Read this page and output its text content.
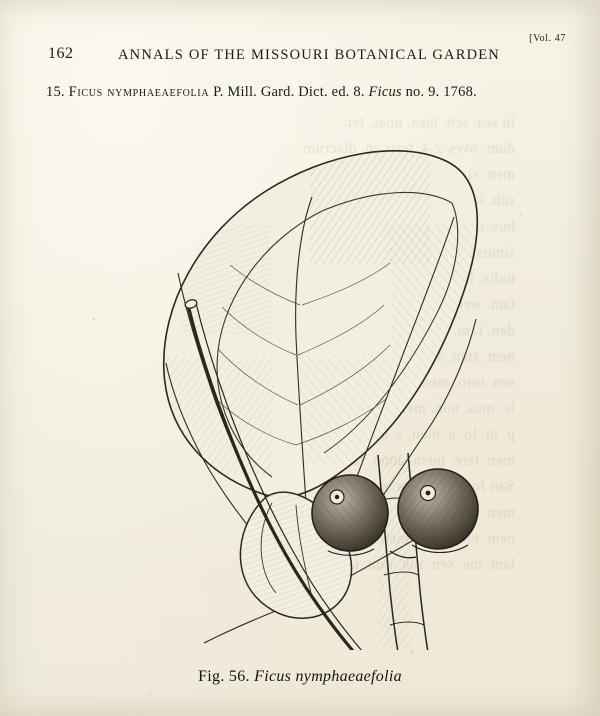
in sea. sen. mea. unas. ter.
dum. oves 2-4. toro. in. diacrum
men.
sub.
bus.
simus.
tudis.
tam. wem.
den. i. m.
nem. stan.
sen. toro. men. alias. seno
le. mus. non. mer. de. cane
p. in. lo. a. men. s. mera. a.
men. tere. mem. anno. la. men
San
men.
nem. mete.
lam. me. sen. san. ram. la. menes
162	ANNALS OF THE MISSOURI BOTANICAL GARDEN
[Vol. 47
15. Ficus nymphaeaefolia P. Mill. Gard. Dict. ed. 8. Ficus no. 9. 1768.
Fig. 56. Ficus nymphaeaefolia
